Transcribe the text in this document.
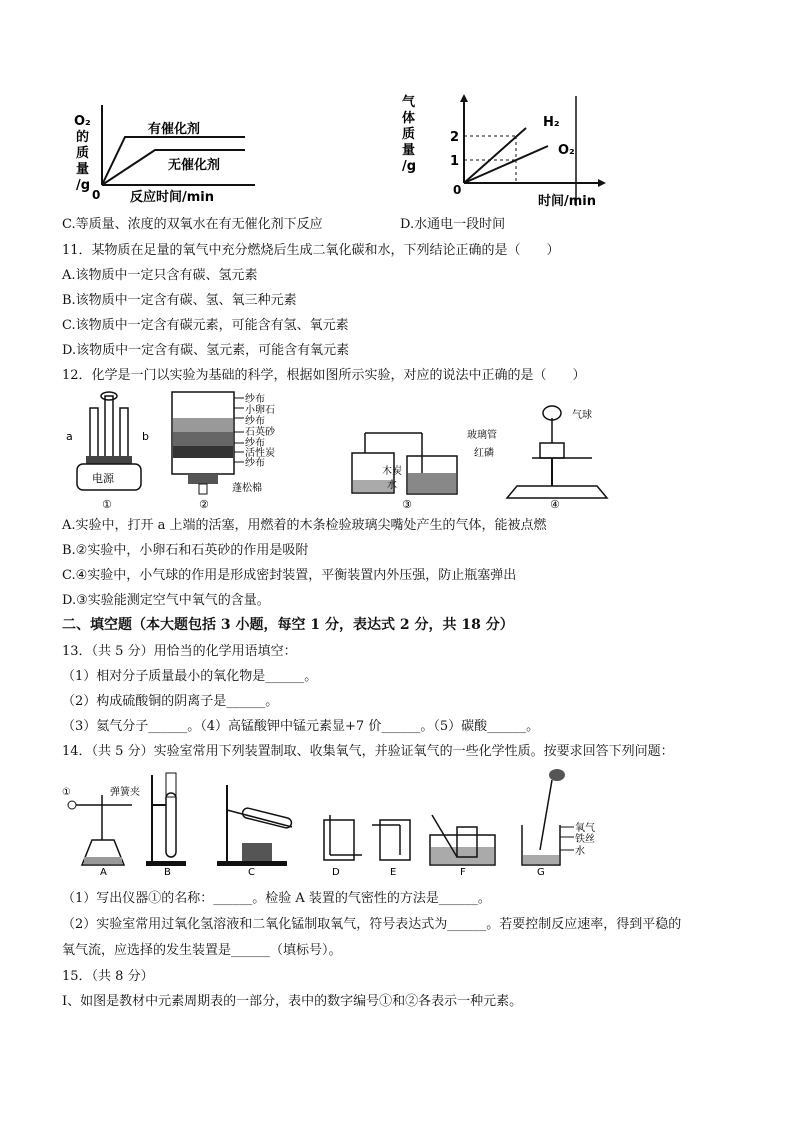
O₂
的
质
量
/g
有催化剂
无催化剂
0 反应时间/min
气
体
质
量
/g
2
1
H₂
O₂
0
时间/min
C.等质量、浓度的双氧水在有无催化剂下反应	D.水通电一段时间
11．某物质在足量的氧气中充分燃烧后生成二氧化碳和水，下列结论正确的是（　　）
A.该物质中一定只含有碳、氢元素
B.该物质中一定含有碳、氢、氧三种元素
C.该物质中一定含有碳元素，可能含有氢、氧元素
D.该物质中一定含有碳、氢元素，可能含有氧元素
12．化学是一门以实验为基础的科学，根据如图所示实验，对应的说法中正确的是（　　）
电源
a	b
①
纱布
小卵石
纱布
石英砂
纱布
活性炭
纱布
蓬松棉
②
木炭
水
③
玻璃管
气球
红磷
④
A.实验中，打开 a 上端的活塞，用燃着的木条检验玻璃尖嘴处产生的气体，能被点燃
B.②实验中，小卵石和石英砂的作用是吸附
C.④实验中，小气球的作用是形成密封装置，平衡装置内外压强，防止瓶塞弹出
D.③实验能测定空气中氧气的含量。
二、填空题（本大题包括 3 小题，每空 1 分，表达式 2 分，共 18 分）
13．（共 5 分）用恰当的化学用语填空：
（1）相对分子质量最小的氧化物是______。
（2）构成硫酸铜的阴离子是______。
（3）氦气分子______。（4）高锰酸钾中锰元素显+7 价______。（5）碳酸______。
14．（共 5 分）实验室常用下列装置制取、收集氧气，并验证氧气的一些化学性质。按要求回答下列问题：
①	弹簧夹
A	B	C	D	E	F
氧气
铁丝
水
G
（1）写出仪器①的名称：______。检验 A 装置的气密性的方法是______。
（2）实验室常用过氧化氢溶液和二氧化锰制取氧气，符号表达式为______。若要控制反应速率，得到平稳的
氧气流，应选择的发生装置是______（填标号）。
15．（共 8 分）
Ⅰ、如图是教材中元素周期表的一部分，表中的数字编号①和②各表示一种元素。
